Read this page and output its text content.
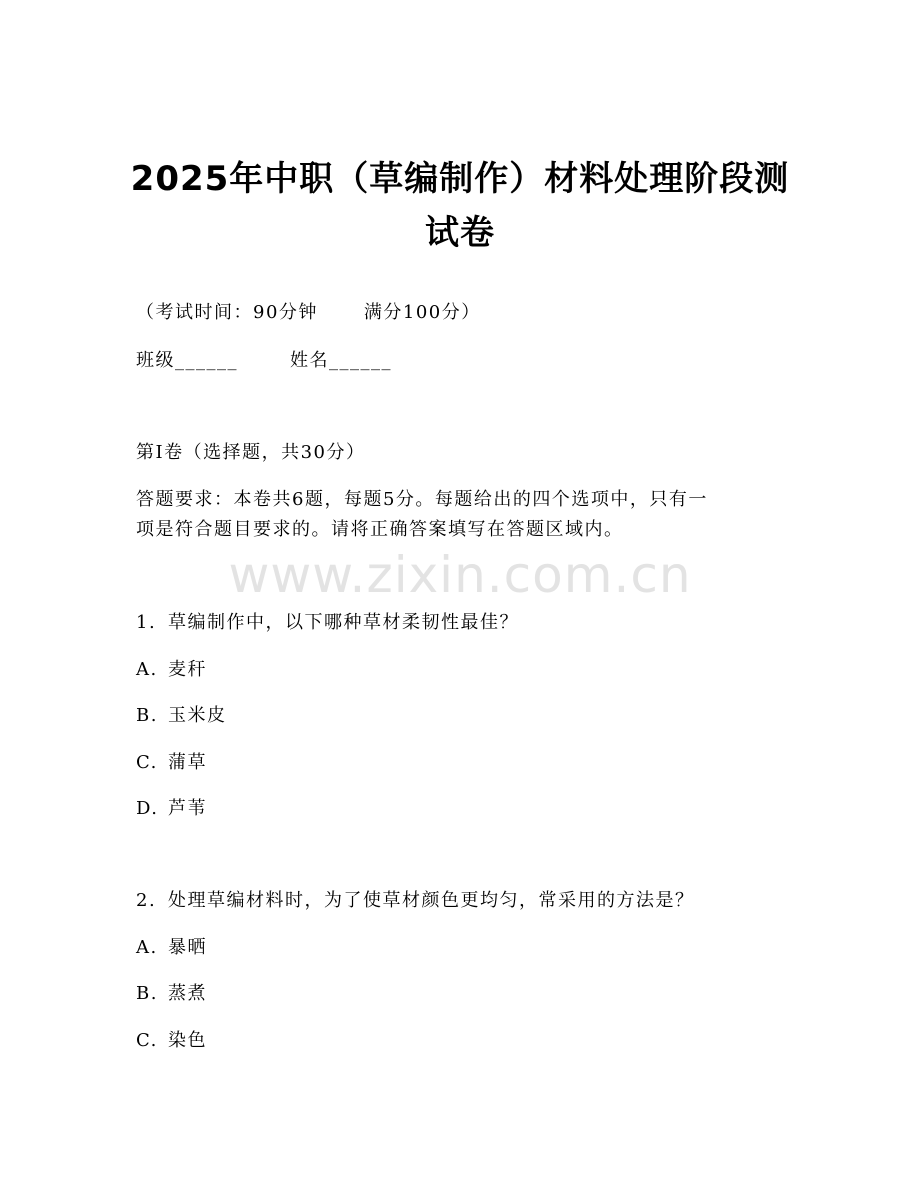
2025年中职（草编制作）材料处理阶段测试卷
（考试时间：90分钟	满分100分）
班级______	姓名______
第I卷（选择题，共30分）
答题要求：本卷共6题，每题5分。每题给出的四个选项中，只有一
项是符合题目要求的。请将正确答案填写在答题区域内。
www.zixin.com.cn
1. 草编制作中，以下哪种草材柔韧性最佳？
A. 麦秆
B. 玉米皮
C. 蒲草
D. 芦苇
2. 处理草编材料时，为了使草材颜色更均匀，常采用的方法是？
A. 暴晒
B. 蒸煮
C. 染色
